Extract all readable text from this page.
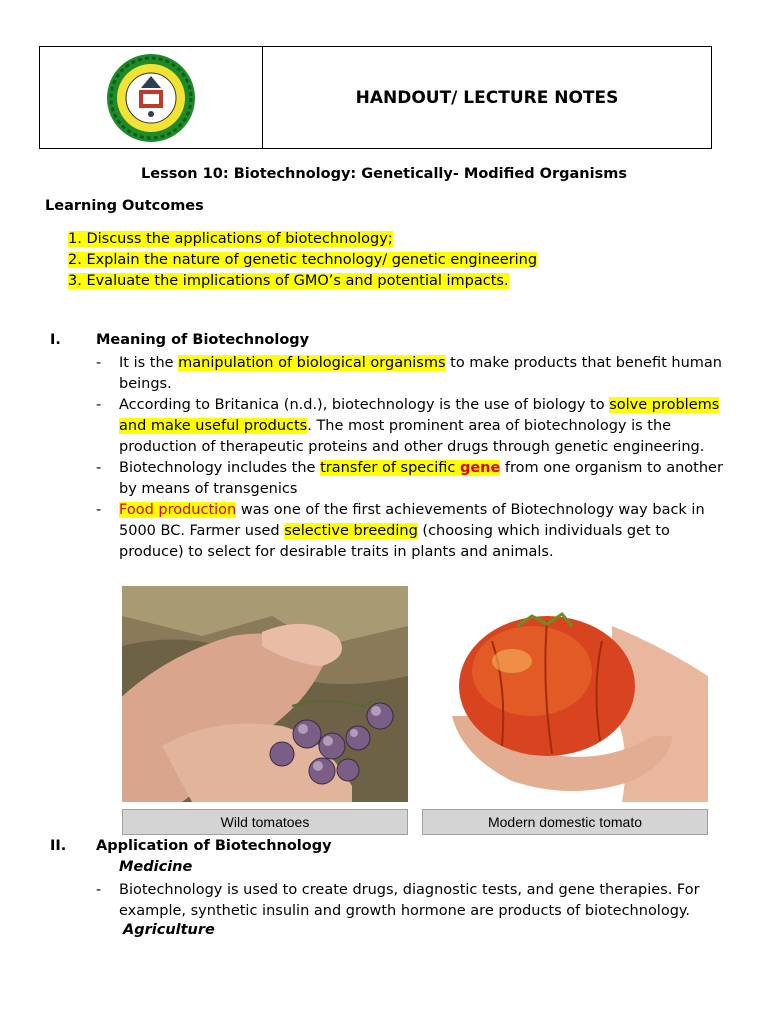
HANDOUT/ LECTURE NOTES
Lesson 10: Biotechnology: Genetically- Modified Organisms
Learning Outcomes
1. Discuss the applications of biotechnology;
2. Explain the nature of genetic technology/ genetic engineering
3. Evaluate the implications of GMO’s and potential impacts.
I. Meaning of Biotechnology
- It is the manipulation of biological organisms to make products that benefit human beings.
- According to Britanica (n.d.), biotechnology is the use of biology to solve problems and make useful products. The most prominent area of biotechnology is the production of therapeutic proteins and other drugs through genetic engineering.
- Biotechnology includes the transfer of specific gene from one organism to another by means of transgenics
- Food production was one of the first achievements of Biotechnology way back in 5000 BC. Farmer used selective breeding (choosing which individuals get to produce) to select for desirable traits in plants and animals.
Wild tomatoes	Modern domestic tomato
II. Application of Biotechnology
Medicine
- Biotechnology is used to create drugs, diagnostic tests, and gene therapies. For example, synthetic insulin and growth hormone are products of biotechnology.
Agriculture
